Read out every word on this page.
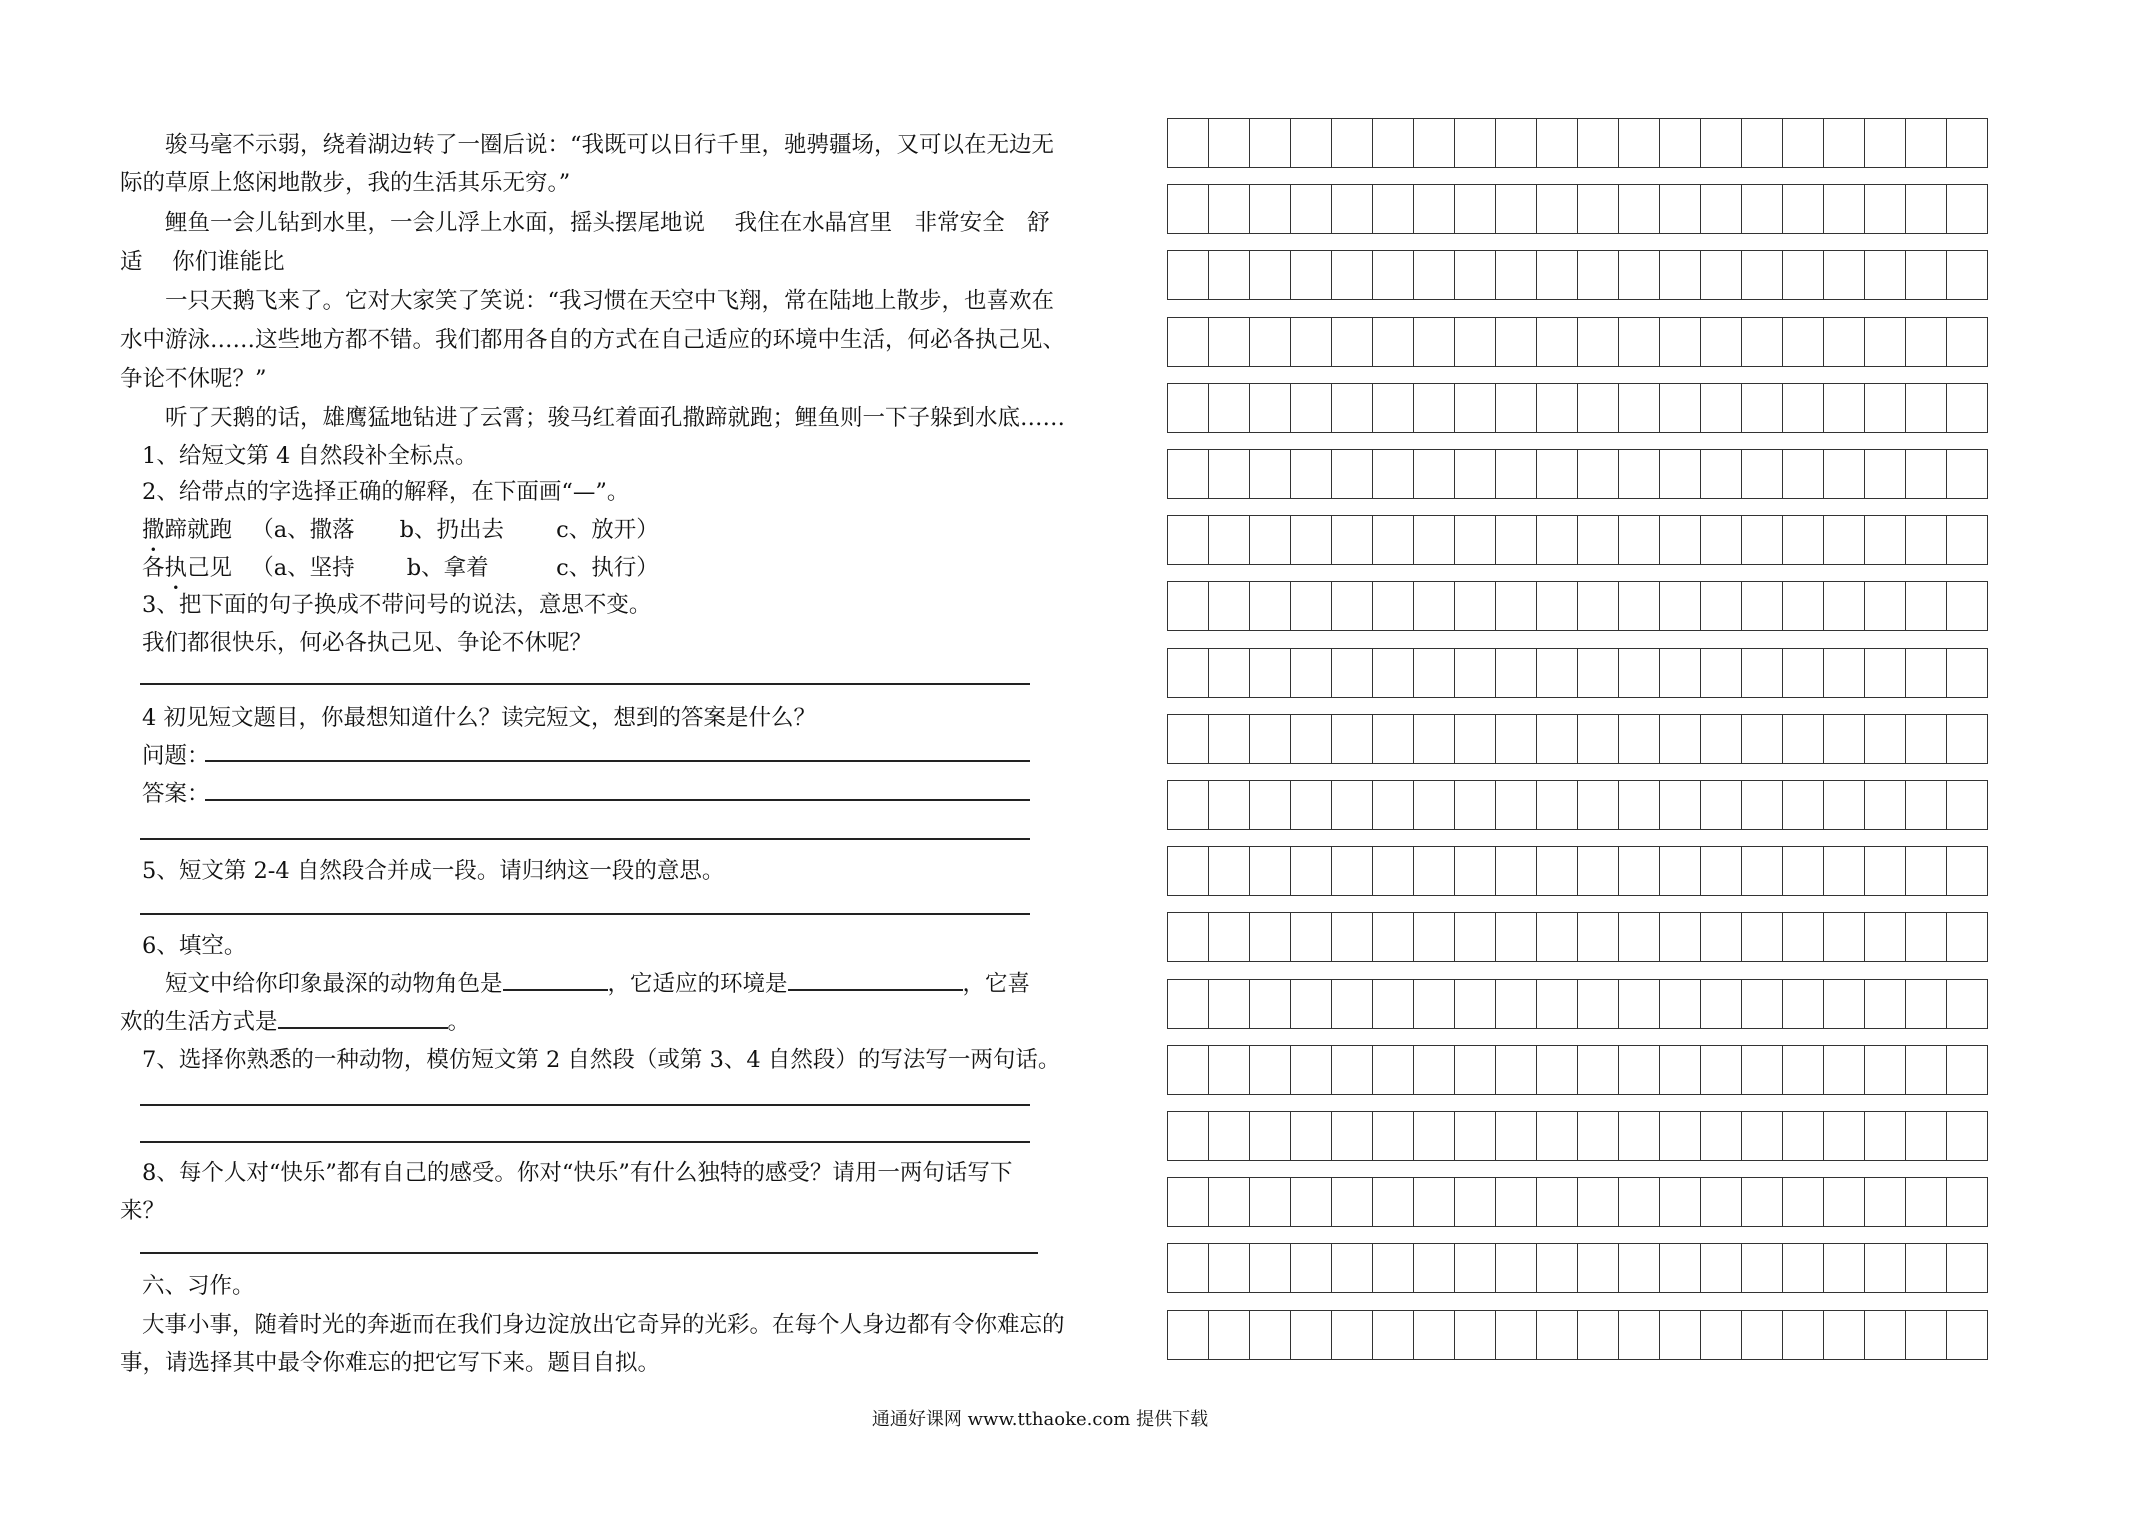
骏马毫不示弱，绕着湖边转了一圈后说：“我既可以日行千里，驰骋疆场，又可以在无边无
际的草原上悠闲地散步，我的生活其乐无穷。”
鲤鱼一会儿钻到水里，一会儿浮上水面，摇头摆尾地说　 我住在水晶宫里　非常安全　舒
适　 你们谁能比
一只天鹅飞来了。它对大家笑了笑说：“我习惯在天空中飞翔，常在陆地上散步，也喜欢在
水中游泳……这些地方都不错。我们都用各自的方式在自己适应的环境中生活，何必各执己见、
争论不休呢？”
听了天鹅的话，雄鹰猛地钻进了云霄；骏马红着面孔撒蹄就跑；鲤鱼则一下子躲到水底……
1、给短文第 4 自然段补全标点。
2、给带点的字选择正确的解释，在下面画“—”。
撒蹄就跑 （a、撒落　　b、扔出去　　 c、放开）
各执己见 （a、坚持　　 b、拿着　　　c、执行）
3、把下面的句子换成不带问号的说法，意思不变。
我们都很快乐，何必各执己见、争论不休呢？
4 初见短文题目，你最想知道什么？读完短文，想到的答案是什么？
问题：
答案：
5、短文第 2-4 自然段合并成一段。请归纳这一段的意思。
6、填空。
短文中给你印象最深的动物角色是	，它适应的环境是	，它喜
欢的生活方式是	。
7、选择你熟悉的一种动物，模仿短文第 2 自然段（或第 3、4 自然段）的写法写一两句话。
8、每个人对“快乐”都有自己的感受。你对“快乐”有什么独特的感受？请用一两句话写下
来？
六、习作。
大事小事，随着时光的奔逝而在我们身边淀放出它奇异的光彩。在每个人身边都有令你难忘的
事，请选择其中最令你难忘的把它写下来。题目自拟。
通通好课网 www.tthaoke.com 提供下载
